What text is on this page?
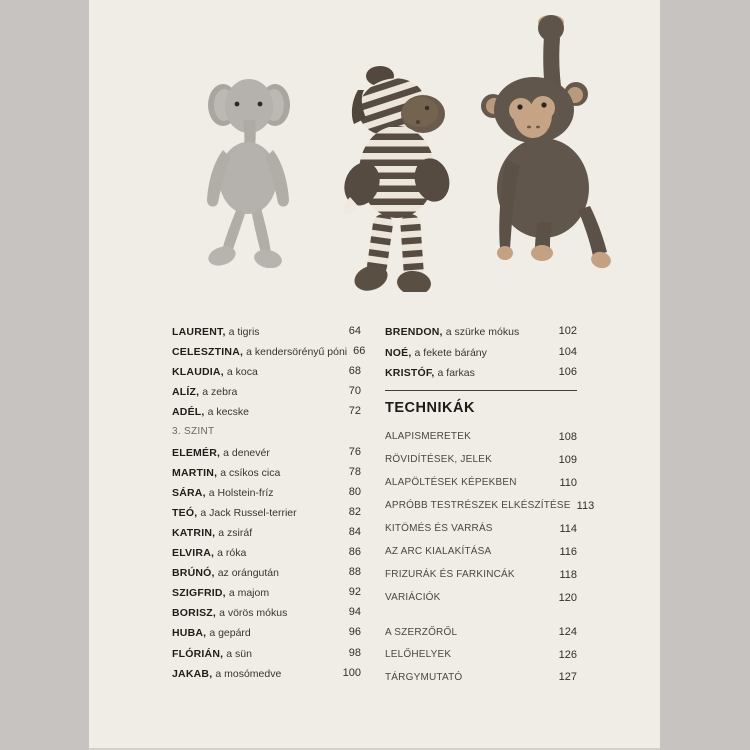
LAURENT, a tigris	64
CELESZTINA, a kendersörényű póni 66
KLAUDIA, a koca	68
ALÍZ, a zebra	70
ADÉL, a kecske	72
3. SZINT
ELEMÉR, a denevér	76
MARTIN, a csíkos cica	78
SÁRA, a Holstein-fríz	80
TEÓ, a Jack Russel-terrier	82
KATRIN, a zsiráf	84
ELVIRA, a róka	86
BRÚNÓ, az orángután	88
SZIGFRID, a majom	92
BORISZ, a vörös mókus	94
HUBA, a gepárd	96
FLÓRIÁN, a sün	98
JAKAB, a mosómedve	100
BRENDON, a szürke mókus	102
NOÉ, a fekete bárány	104
KRISTÓF, a farkas	106
TECHNIKÁK
ALAPISMERETEK	108
RÖVIDÍTÉSEK, JELEK	109
ALAPÖLTÉSEK KÉPEKBEN	110
APRÓBB TESTRÉSZEK ELKÉSZÍTÉSE 113
KITÖMÉS ÉS VARRÁS	114
AZ ARC KIALAKÍTÁSA	116
FRIZURÁK ÉS FARKINCÁK	118
VARIÁCIÓK	120
A SZERZŐRŐL	124
LELŐHELYEK	126
TÁRGYMUTATÓ	127
